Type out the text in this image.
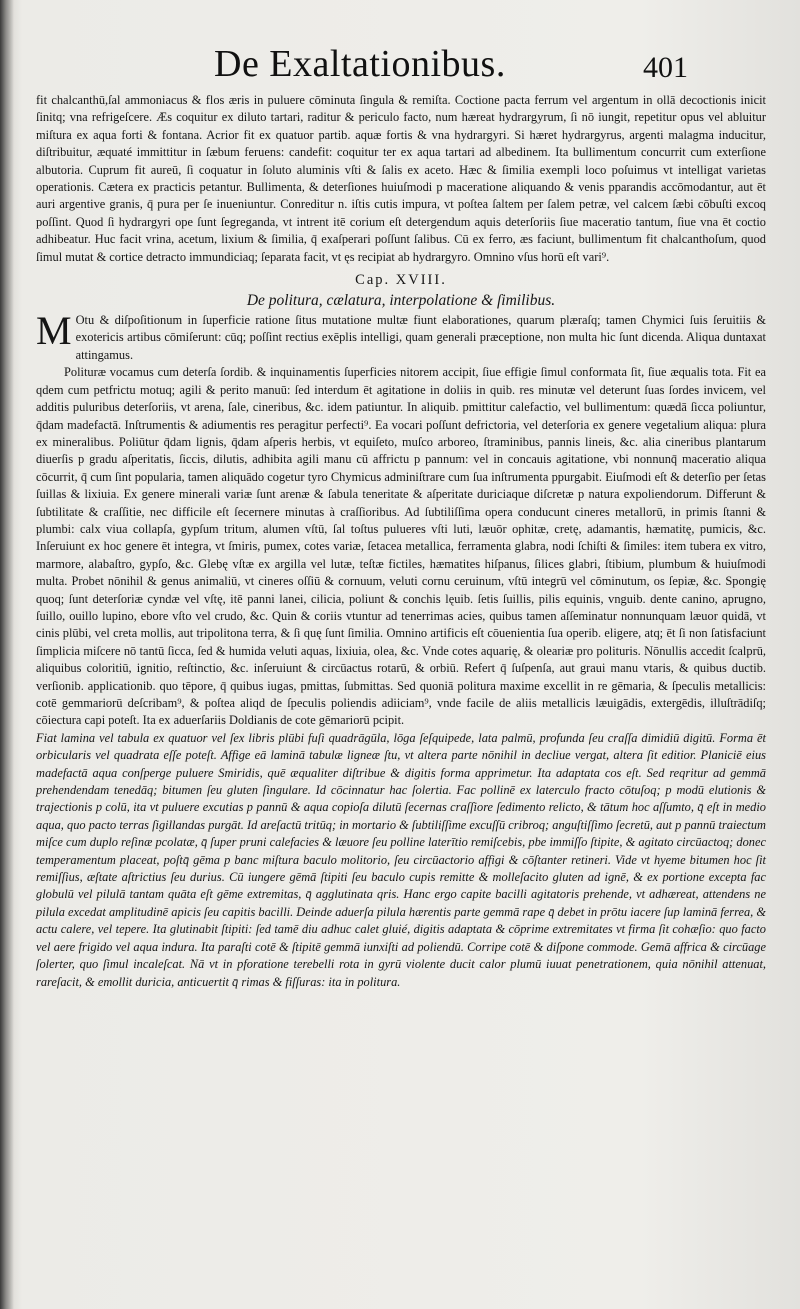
De Exaltationibus.	401

fit chalcanthū,ſal ammoniacus & flos æris in puluere cōminuta ſingula & remiſta. Coctione pacta ferrum vel argentum in ollā decoctionis inicit ſinitq; vna refrigeſcere. Æs coquitur ex diluto tartari, raditur & periculo facto, num hæreat hydrargyrum, ſi nō iungit, repetitur opus vel abluitur miſtura ex aqua forti & fontana. Acrior fit ex quatuor partib. aquæ fortis & vna hydrargyri. Si hæret hydrargyrus, argenti malagma inducitur, diſtribuitur, æquaté immittitur in ſæbum feruens: candefit: coquitur ter ex aqua tartari ad albedinem. Ita bullimentum concurrit cum exterſione albutoria. Cuprum fit aureū, ſi coquatur in ſoluto aluminis vſti & ſalis ex aceto. Hæc & ſimilia exempli loco poſuimus vt intelligat varietas operationis. Cætera ex practicis petantur. Bullimenta, & deterſiones huiuſmodi p maceratione aliquando & venis pparandis accōmodantur, aut ēt auri argentive granis, q̄ pura per ſe inueniuntur. Conreditur n. iſtis cutis impura, vt poſtea ſaltem per ſalem petræ, vel calcem ſæbi cōbuſti excoq poſſint. Quod ſi hydrargyri ope ſunt ſegreganda, vt intrent itē corium eſt detergendum aquis deterſoriis ſiue maceratio tantum, ſiue vna ēt coctio adhibeatur. Huc facit vrina, acetum, lixium & ſimilia, q̄ exaſperari poſſunt ſalibus. Cū ex ferro, æs faciunt, bullimentum fit chalcanthoſum, quod ſimul mutat & cortice detracto immundiciaq; ſeparata facit, vt ęs recipiat ab hydrargyro. Omnino vſus horū eſt vari⁹.

Cap. XVIII.

De politura, cælatura, interpolatione & ſimilibus.

M Otu & diſpoſitionum in ſuperficie ratione ſitus mutatione multæ fiunt elaborationes, quarum plæraſq; tamen Chymici ſuis ſeruitiis & exotericis artibus cōmiſerunt: cūq; poſſint rectius exēplis intelligi, quam generali præceptione, non multa hic ſunt dicenda. Aliqua duntaxat attingamus.

Polituræ vocamus cum deterſa ſordib. & inquinamentis ſuperficies nitorem accipit, ſiue effigie ſimul conformata ſit, ſiue æqualis tota. Fit ea qdem cum petfrictu motuq; agili & perito manuū: ſed interdum ēt agitatione in doliis in quib. res minutæ vel deterunt ſuas ſordes invicem, vel additis puluribus deterſoriis, vt arena, ſale, cineribus, &c. idem patiuntur. In aliquib. pmittitur calefactio, vel bullimentum: quædā ſicca poliuntur, q̄dam madefactā. Inſtrumentis & adiumentis res peragitur perfecti⁹. Ea vocari poſſunt defrictoria, vel deterſoria ex genere vegetalium aliqua: plura ex mineralibus. Poliūtur q̄dam lignis, q̄dam aſperis herbis, vt equiſeto, muſco arboreo, ſtraminibus, pannis lineis, &c. alia cineribus plantarum diuerſis p gradu aſperitatis, ſiccis, dilutis, adhibita agili manu cū affrictu p pannum: vel in concauis agitatione, vbi nonnunq̄ maceratio aliqua cōcurrit, q̄ cum ſint popularia, tamen aliquādo cogetur tyro Chymicus adminiſtrare cum ſua inſtrumenta ppurgabit. Eiuſmodi eſt & deterſio per ſetas ſuillas & lixiuia. Ex genere minerali variæ ſunt arenæ & ſabula teneritate & aſperitate duriciaque diſcretæ p natura expoliendorum. Differunt & ſubtilitate & craſſitie, nec difficile eſt ſecernere minutas à craſſioribus. Ad ſubtiliſſima opera conducunt cineres metallorū, in primis ſtanni & plumbi: calx viua collapſa, gypſum tritum, alumen vſtū, ſal toſtus pulueres vſti luti, læuōr ophitæ, cretę, adamantis, hæmatitę, pumicis, &c. Inſeruiunt ex hoc genere ēt integra, vt ſmiris, pumex, cotes variæ, ſetacea metallica, ferramenta glabra, nodi ſchiſti & ſimiles: item tubera ex vitro, marmore, alabaſtro, gypſo, &c. Glebę vſtæ ex argilla vel lutæ, teſtæ fictiles, hæmatites hiſpanus, ſilices glabri, ſtibium, plumbum & huiuſmodi multa. Probet nōnihil & genus animaliū, vt cineres oſſiū & cornuum, veluti cornu ceruinum, vſtū integrū vel cōminutum, os ſepiæ, &c. Spongię quoq; ſunt deterſoriæ cyndæ vel vſtę, itē panni lanei, cilicia, poliunt & conchis lęuib. ſetis ſuillis, pilis equinis, vnguib. dente canino, aprugno, ſuillo, ouillo lupino, ebore vſto vel crudo, &c. Quin & coriis vtuntur ad tenerrimas acies, quibus tamen aſſeminatur nonnunquam læuor quidā, vt cinis plūbi, vel creta mollis, aut tripolitona terra, & ſi quę ſunt ſimilia. Omnino artificis eſt cōuenientia ſua operib. eligere, atq; ēt ſi non ſatisfaciunt ſimplicia miſcere nō tantū ſicca, ſed & humida veluti aquas, lixiuia, olea, &c. Vnde cotes aquarię, & oleariæ pro polituris. Nōnullis accedit ſcalprū, aliquibus coloritiū, ignitio, reſtinctio, &c. inſeruiunt & circūactus rotarū, & orbiū. Refert q̄ ſuſpenſa, aut graui manu vtaris, & quibus ductib. verſionib. applicationib. quo tēpore, q̄ quibus iugas, pmittas, ſubmittas. Sed quoniā politura maxime excellit in re gēmaria, & ſpeculis metallicis: cotē gemmariorū deſcribam⁹, & poſtea aliqd de ſpeculis poliendis adiiciam⁹, vnde facile de aliis metallicis læuigādis, extergēdis, illuſtrādiſq; cōiectura capi poteſt. Ita ex aduerſariis Doldianis de cote gēmariorū pcipit.

Fiat lamina vel tabula ex quatuor vel ſex libris plūbi fuſi quadrāgūla, lōga ſeſquipede, lata palmū, profunda ſeu craſſa dimidiū digitū. Forma ēt orbicularis vel quadrata eſſe poteſt. Affige eā laminā tabulæ ligneæ ſtu, vt altera parte nōnihil in decliue vergat, altera ſit editior. Planiciē eius madefactā aqua conſperge puluere Smiridis, quē æqualiter diſtribue & digitis forma apprimetur. Ita adaptata cos eſt. Sed reqritur ad gemmā prehendendam tenedāq; bitumen ſeu gluten ſingulare. Id cōcinnatur hac ſolertia. Fac pollinē ex laterculo fracto cōtuſoq; p modū elutionis & trajectionis p colū, ita vt puluere excutias p pannū & aqua copioſa dilutū ſecernas craſſiore ſedimento relicto, & tātum hoc aſſumto, q̄ eſt in medio aqua, quo pacto terras ſigillandas purgāt. Id areſactū tritūq; in mortario & ſubtiliſſime excuſſū cribroq; anguſtiſſimo ſecretū, aut p pannū traiectum miſce cum duplo reſinæ pcolatæ, q̄ ſuper pruni calefacies & læuore ſeu polline laterītio remiſcebis, pbe immiſſo ſtipite, & agitato circūactoq; donec temperamentum placeat, poſtq̄ gēma p banc miſtura baculo molitorio, ſeu circūactorio affigi & cōſtanter retineri. Vide vt hyeme bitumen hoc ſit remiſſius, æſtate aſtrictius ſeu durius. Cū iungere gēmā ſtipiti ſeu baculo cupis remitte & molleſacito gluten ad ignē, & ex portione excepta fac globulū vel pilulā tantam quāta eſt gēme extremitas, q̄ agglutinata qris. Hanc ergo capite bacilli agitatoris prehende, vt adhæreat, attendens ne pilula excedat amplitudinē apicis ſeu capitis bacilli. Deinde aduerſa pilula hærentis parte gemmā rape q̄ debet in prōtu iacere ſup laminā ferrea, & actu calere, vel tepere. Ita glutinabit ſtipiti: ſed tamē diu adhuc calet gluié, digitis adaptata & cōprime extremitates vt firma ſit cohæſio: quo facto vel aere frigido vel aqua indura. Ita paraſti cotē & ſtipitē gemmā iunxiſti ad poliendū. Corripe cotē & diſpone commode. Gemā affrica & circūage ſolerter, quo ſimul incaleſcat. Nā vt in pforatione terebelli rota in gyrū violente ducit calor plumū iuuat penetrationem, quia nōnihil attenuat, rareſacit, & emollit duricia, anticuertit q̄ rimas & fiſſuras: ita in politura.
